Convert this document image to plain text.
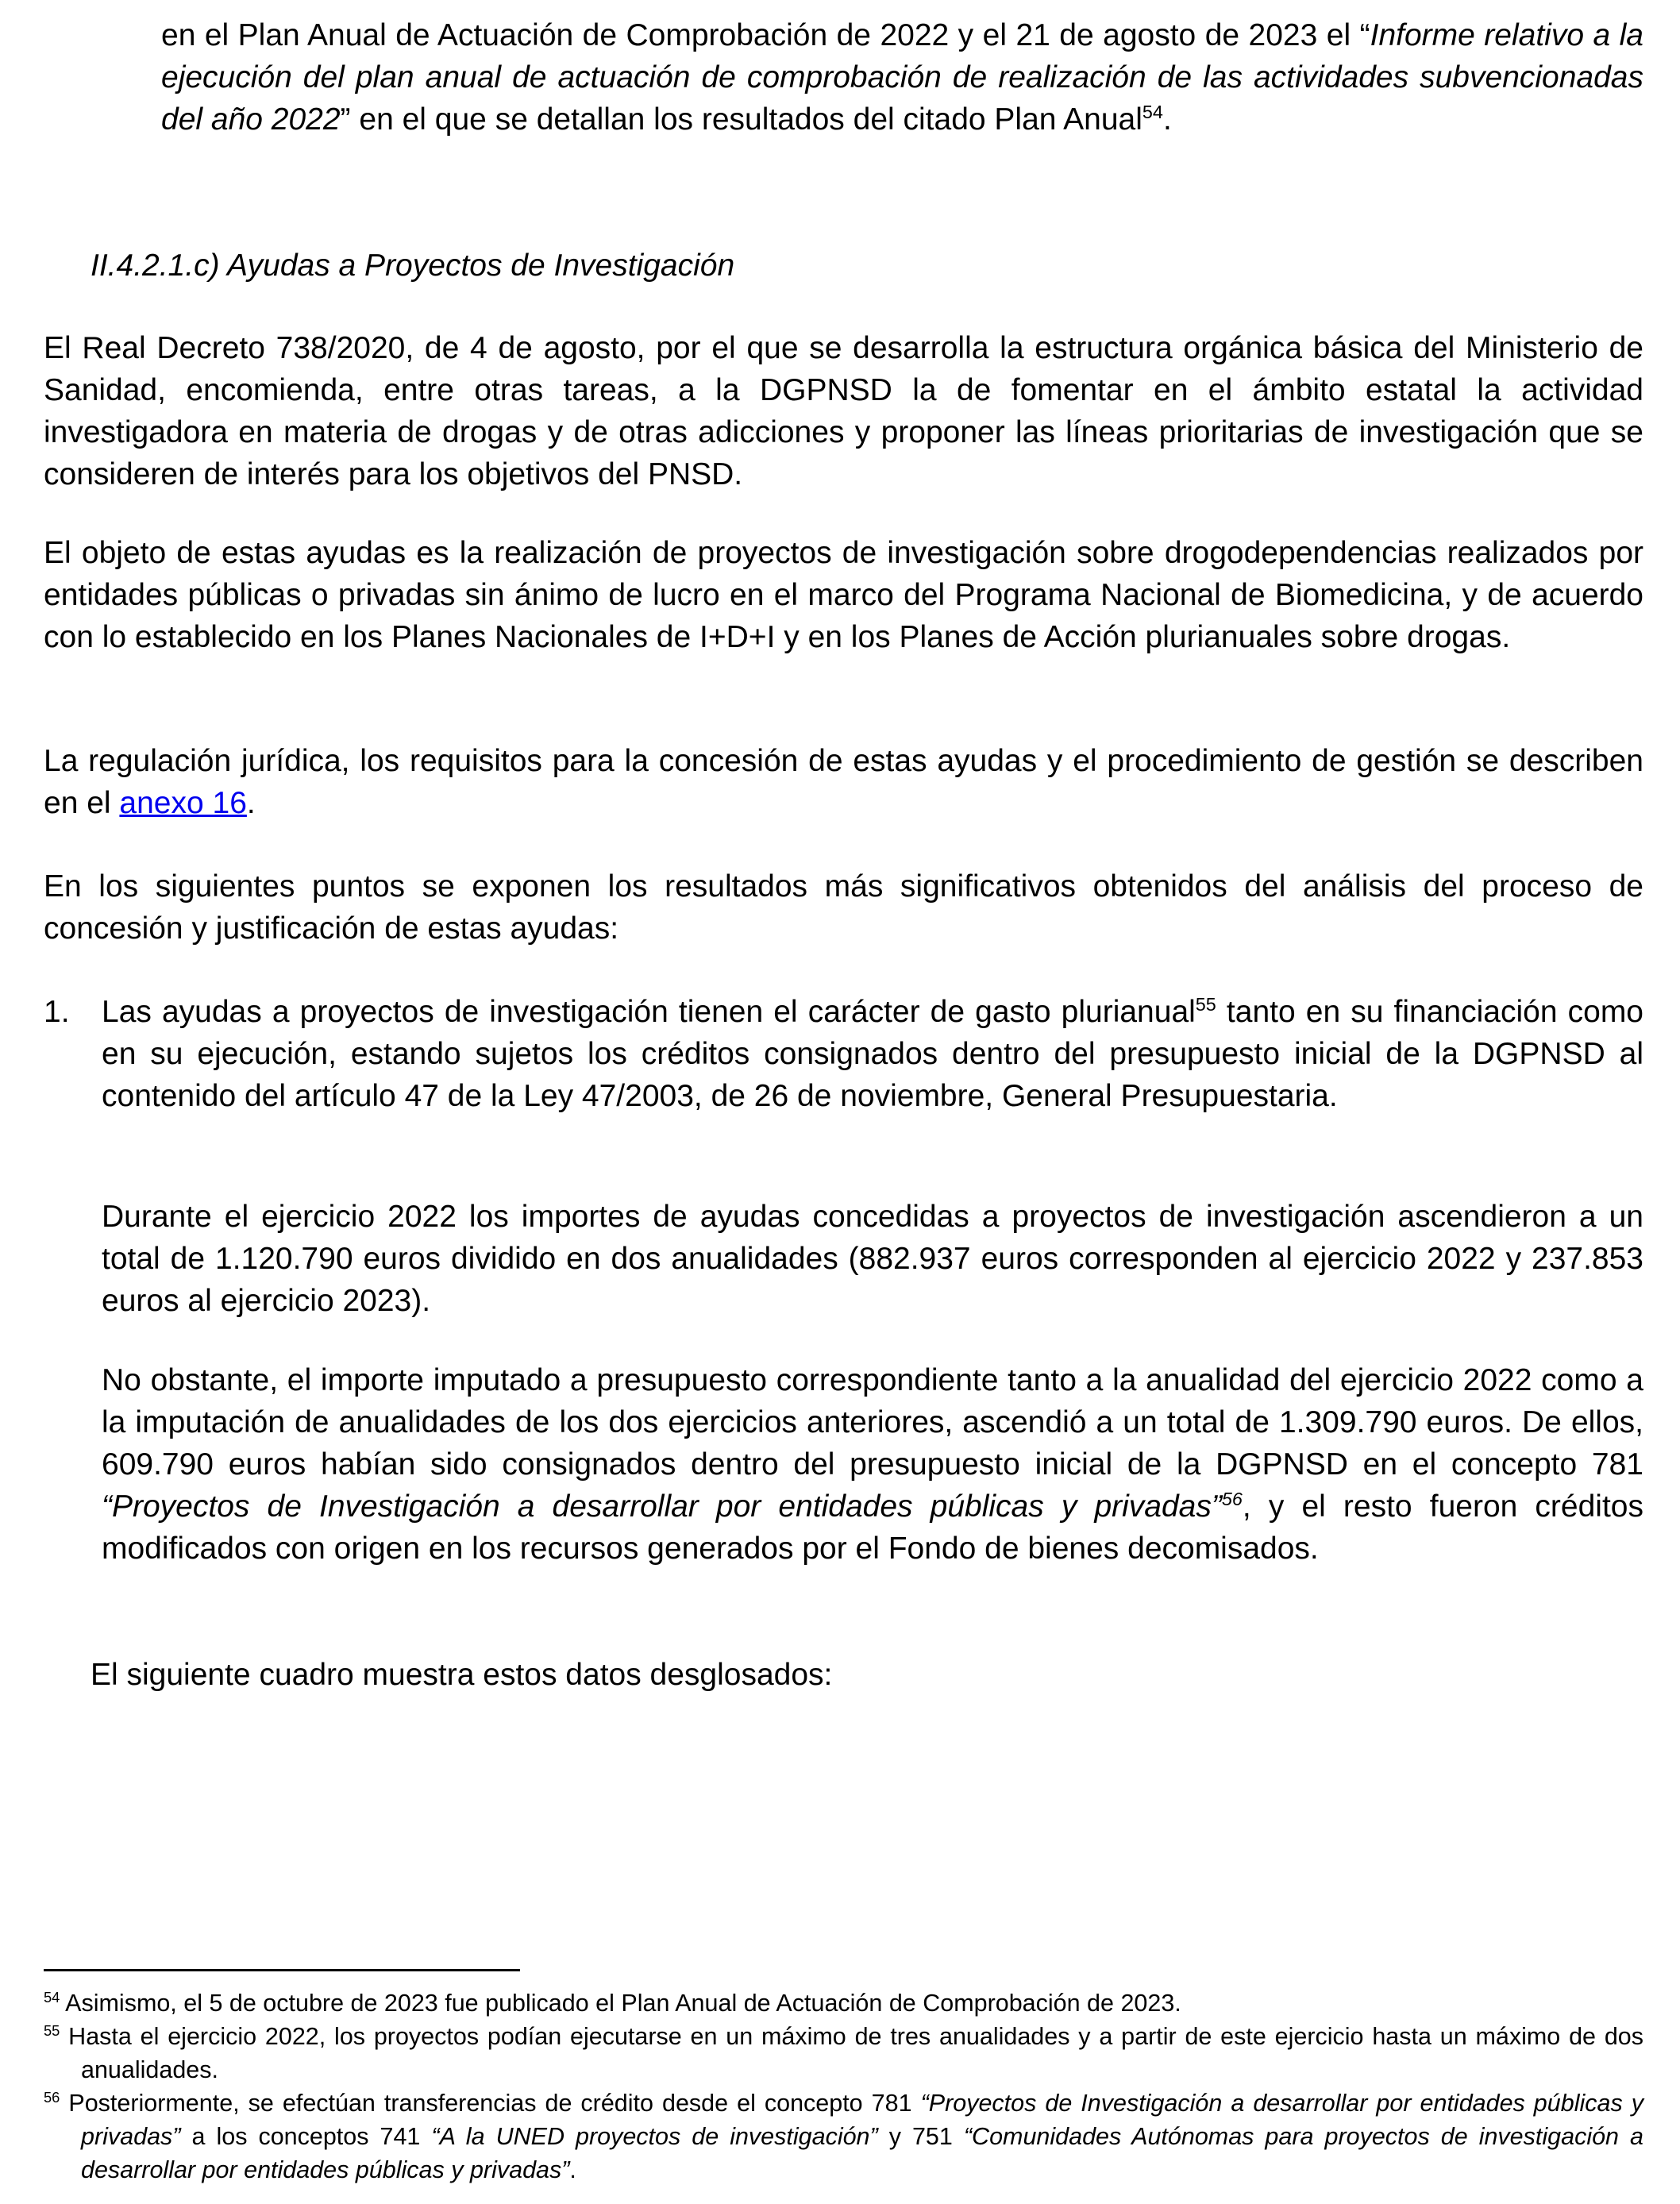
en el Plan Anual de Actuación de Comprobación de 2022 y el 21 de agosto de 2023 el “Informe relativo a la ejecución del plan anual de actuación de comprobación de realización de las actividades subvencionadas del año 2022” en el que se detallan los resultados del citado Plan Anual$^{54}$.

II.4.2.1.c) Ayudas a Proyectos de Investigación

El Real Decreto 738/2020, de 4 de agosto, por el que se desarrolla la estructura orgánica básica del Ministerio de Sanidad, encomienda, entre otras tareas, a la DGPNSD la de fomentar en el ámbito estatal la actividad investigadora en materia de drogas y de otras adicciones y proponer las líneas prioritarias de investigación que se consideren de interés para los objetivos del PNSD.

El objeto de estas ayudas es la realización de proyectos de investigación sobre drogodependencias realizados por entidades públicas o privadas sin ánimo de lucro en el marco del Programa Nacional de Biomedicina, y de acuerdo con lo establecido en los Planes Nacionales de I+D+I y en los Planes de Acción plurianuales sobre drogas.

La regulación jurídica, los requisitos para la concesión de estas ayudas y el procedimiento de gestión se describen en el anexo 16.

En los siguientes puntos se exponen los resultados más significativos obtenidos del análisis del proceso de concesión y justificación de estas ayudas:

1. Las ayudas a proyectos de investigación tienen el carácter de gasto plurianual$^{55}$ tanto en su financiación como en su ejecución, estando sujetos los créditos consignados dentro del presupuesto inicial de la DGPNSD al contenido del artículo 47 de la Ley 47/2003, de 26 de noviembre, General Presupuestaria.

Durante el ejercicio 2022 los importes de ayudas concedidas a proyectos de investigación ascendieron a un total de 1.120.790 euros dividido en dos anualidades (882.937 euros corresponden al ejercicio 2022 y 237.853 euros al ejercicio 2023).

No obstante, el importe imputado a presupuesto correspondiente tanto a la anualidad del ejercicio 2022 como a la imputación de anualidades de los dos ejercicios anteriores, ascendió a un total de 1.309.790 euros. De ellos, 609.790 euros habían sido consignados dentro del presupuesto inicial de la DGPNSD en el concepto 781 “Proyectos de Investigación a desarrollar por entidades públicas y privadas”$^{56}$, y el resto fueron créditos modificados con origen en los recursos generados por el Fondo de bienes decomisados.

El siguiente cuadro muestra estos datos desglosados:

$^{54}$ Asimismo, el 5 de octubre de 2023 fue publicado el Plan Anual de Actuación de Comprobación de 2023.
$^{55}$ Hasta el ejercicio 2022, los proyectos podían ejecutarse en un máximo de tres anualidades y a partir de este ejercicio hasta un máximo de dos anualidades.
$^{56}$ Posteriormente, se efectúan transferencias de crédito desde el concepto 781 “Proyectos de Investigación a desarrollar por entidades públicas y privadas” a los conceptos 741 “A la UNED proyectos de investigación” y 751 “Comunidades Autónomas para proyectos de investigación a desarrollar por entidades públicas y privadas”.
